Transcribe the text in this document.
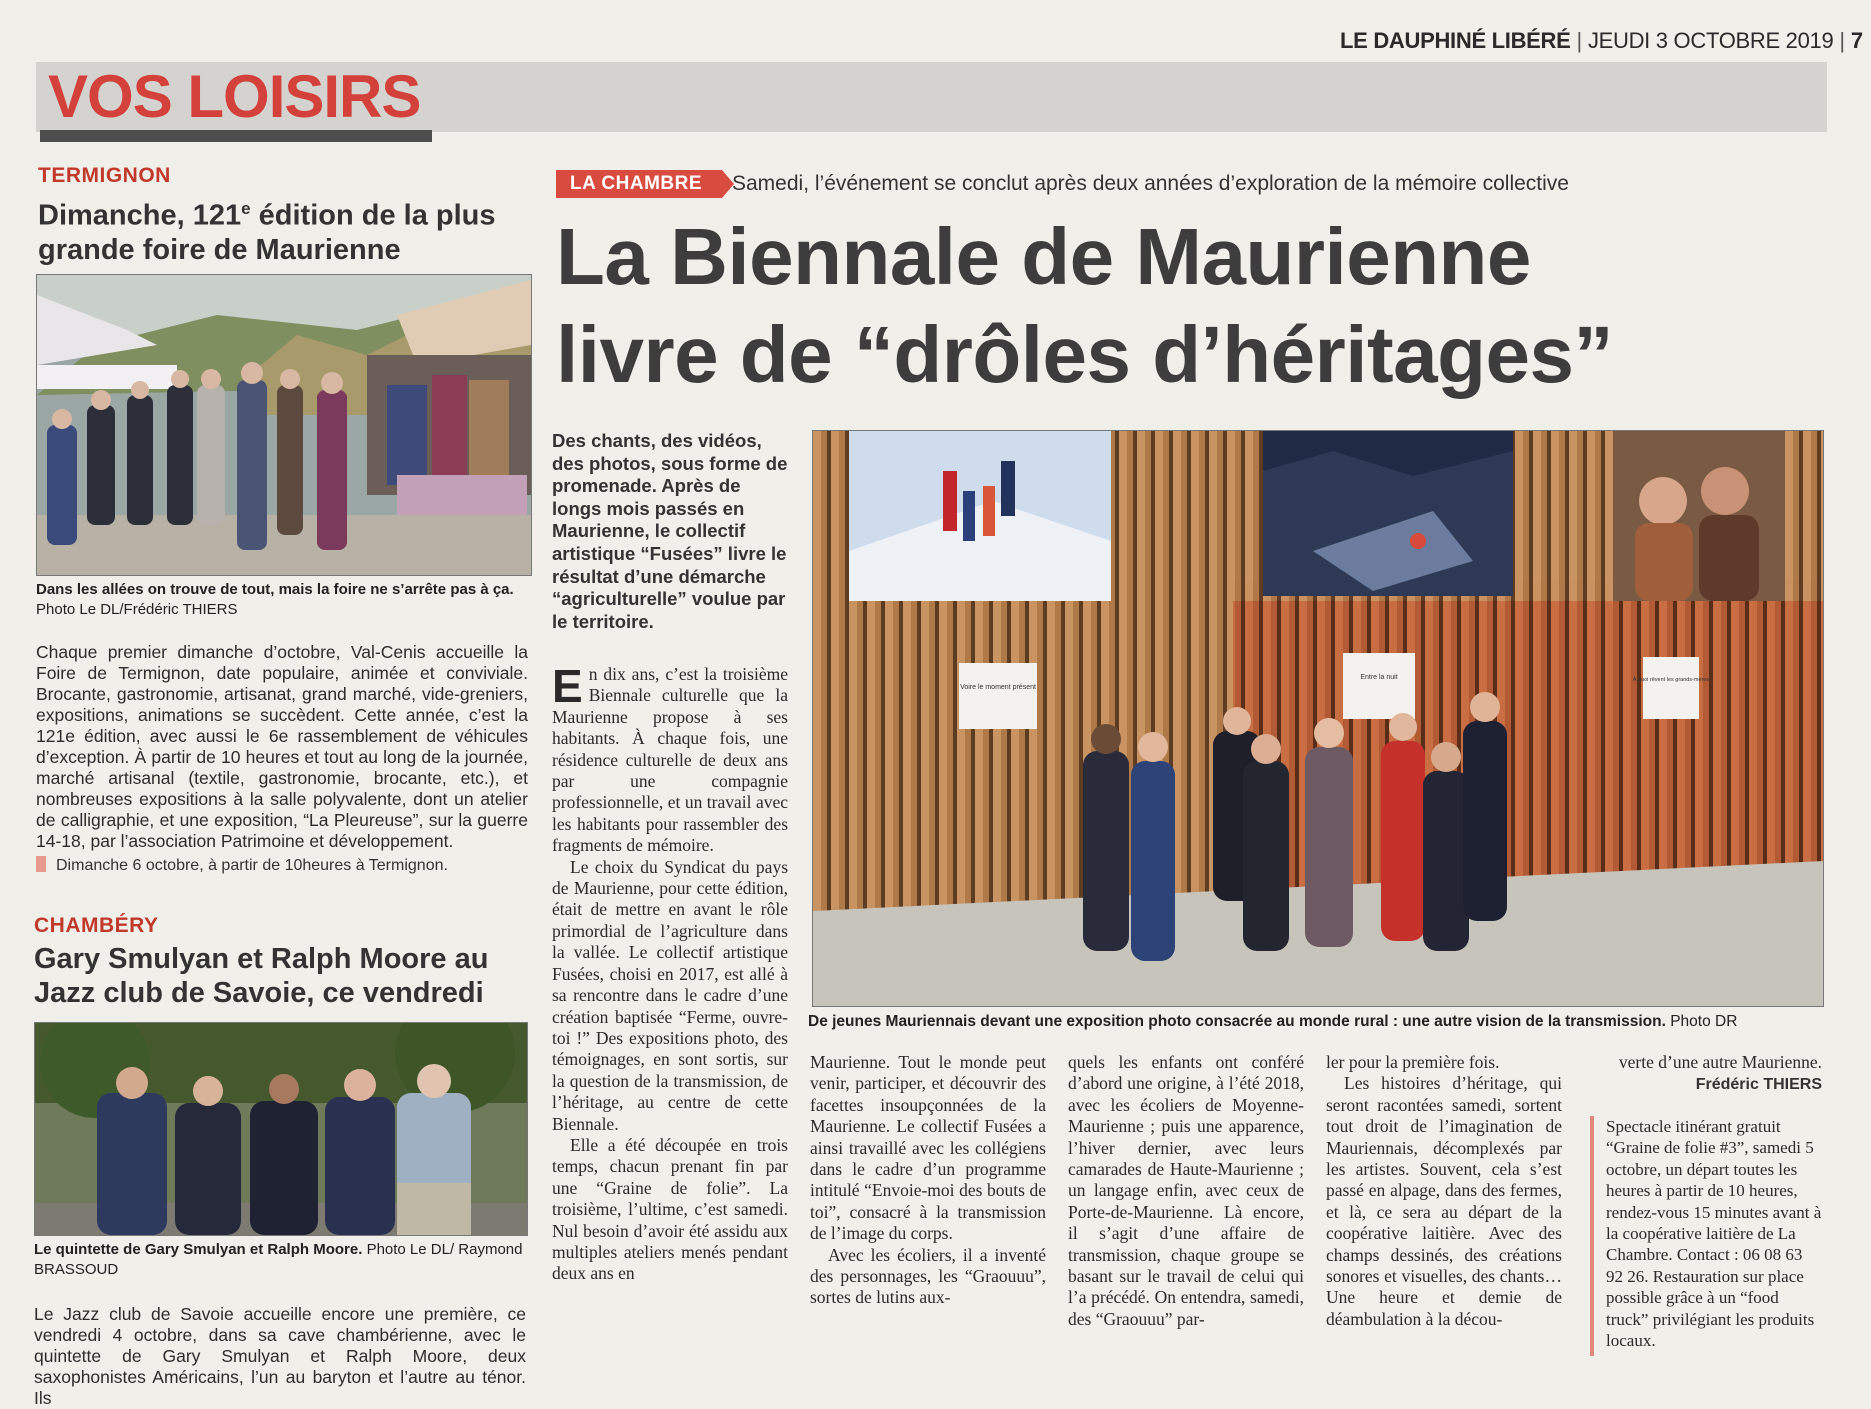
LE DAUPHINÉ LIBÉRÉ | JEUDI 3 OCTOBRE 2019 | 7
VOS LOISIRS
TERMIGNON
Dimanche, 121e édition de la plus grande foire de Maurienne
Dans les allées on trouve de tout, mais la foire ne s’arrête pas à ça. Photo Le DL/Frédéric THIERS
Chaque premier dimanche d’octobre, Val-Cenis accueille la Foire de Termignon, date populaire, animée et conviviale. Brocante, gastronomie, artisanat, grand marché, vide-greniers, expositions, animations se succèdent. Cette année, c’est la 121e édition, avec aussi le 6e rassemblement de véhicules d’exception. À partir de 10 heures et tout au long de la journée, marché artisanal (textile, gastronomie, brocante, etc.), et nombreuses expositions à la salle polyvalente, dont un atelier de calligraphie, et une exposition, “La Pleureuse”, sur la guerre 14-18, par l’association Patrimoine et développement.
Dimanche 6 octobre, à partir de 10heures à Termignon.
CHAMBÉRY
Gary Smulyan et Ralph Moore au Jazz club de Savoie, ce vendredi
Le quintette de Gary Smulyan et Ralph Moore. Photo Le DL/ Raymond BRASSOUD
Le Jazz club de Savoie accueille encore une première, ce vendredi 4 octobre, dans sa cave chambérienne, avec le quintette de Gary Smulyan et Ralph Moore, deux saxophonistes Américains, l’un au baryton et l’autre au ténor. Ils
LA CHAMBRE	Samedi, l’événement se conclut après deux années d’exploration de la mémoire collective
La Biennale de Maurienne
livre de “drôles d’héritages”
Des chants, des vidéos, des photos, sous forme de promenade. Après de longs mois passés en Maurienne, le collectif artistique “Fusées” livre le résultat d’une démarche “agriculturelle” voulue par le territoire.
Voire le moment présent
Entre la nuit	À quoi rêvent les grands-mères
De jeunes Mauriennais devant une exposition photo consacrée au monde rural : une autre vision de la transmission. Photo DR

En dix ans, c’est la troisième Biennale culturelle que la Maurienne propose à ses habitants. À chaque fois, une résidence culturelle de deux ans par une compagnie professionnelle, et un travail avec les habitants pour rassembler des fragments de mémoire.

Le choix du Syndicat du pays de Maurienne, pour cette édition, était de mettre en avant le rôle primordial de l’agriculture dans la vallée. Le collectif artistique Fusées, choisi en 2017, est allé à sa rencontre dans le cadre d’une création baptisée “Ferme, ouvre-toi !” Des expositions photo, des témoignages, en sont sortis, sur la question de la transmission, de l’héritage, au centre de cette Biennale.

Elle a été découpée en trois temps, chacun prenant fin par une “Graine de folie”. La troisième, l’ultime, c’est samedi. Nul besoin d’avoir été assidu aux multiples ateliers menés pendant deux ans en

Maurienne. Tout le monde peut venir, participer, et découvrir des facettes insoupçonnées de la Maurienne. Le collectif Fusées a ainsi travaillé avec les collégiens dans le cadre d’un programme intitulé “Envoie-moi des bouts de toi”, consacré à la transmission de l’image du corps.

Avec les écoliers, il a inventé des personnages, les “Graouuu”, sortes de lutins aux-

quels les enfants ont conféré d’abord une origine, à l’été 2018, avec les écoliers de Moyenne-Maurienne ; puis une apparence, l’hiver dernier, avec leurs camarades de Haute-Maurienne ; un langage enfin, avec ceux de Porte-de-Maurienne. Là encore, il s’agit d’une affaire de transmission, chaque groupe se basant sur le travail de celui qui l’a précédé. On entendra, samedi, des “Graouuu” par-

ler pour la première fois.

Les histoires d’héritage, qui seront racontées samedi, sortent tout droit de l’imagination de Mauriennais, décomplexés par les artistes. Souvent, cela s’est passé en alpage, dans des fermes, et là, ce sera au départ de la coopérative laitière. Avec des champs dessinés, des créations sonores et visuelles, des chants… Une heure et demie de déambulation à la décou-

verte d’une autre Maurienne.

Frédéric THIERS
Spectacle itinérant gratuit “Graine de folie #3”, samedi 5 octobre, un départ toutes les heures à partir de 10 heures, rendez-vous 15 minutes avant à la coopérative laitière de La Chambre. Contact : 06 08 63 92 26. Restauration sur place possible grâce à un “food truck” privilégiant les produits locaux.
